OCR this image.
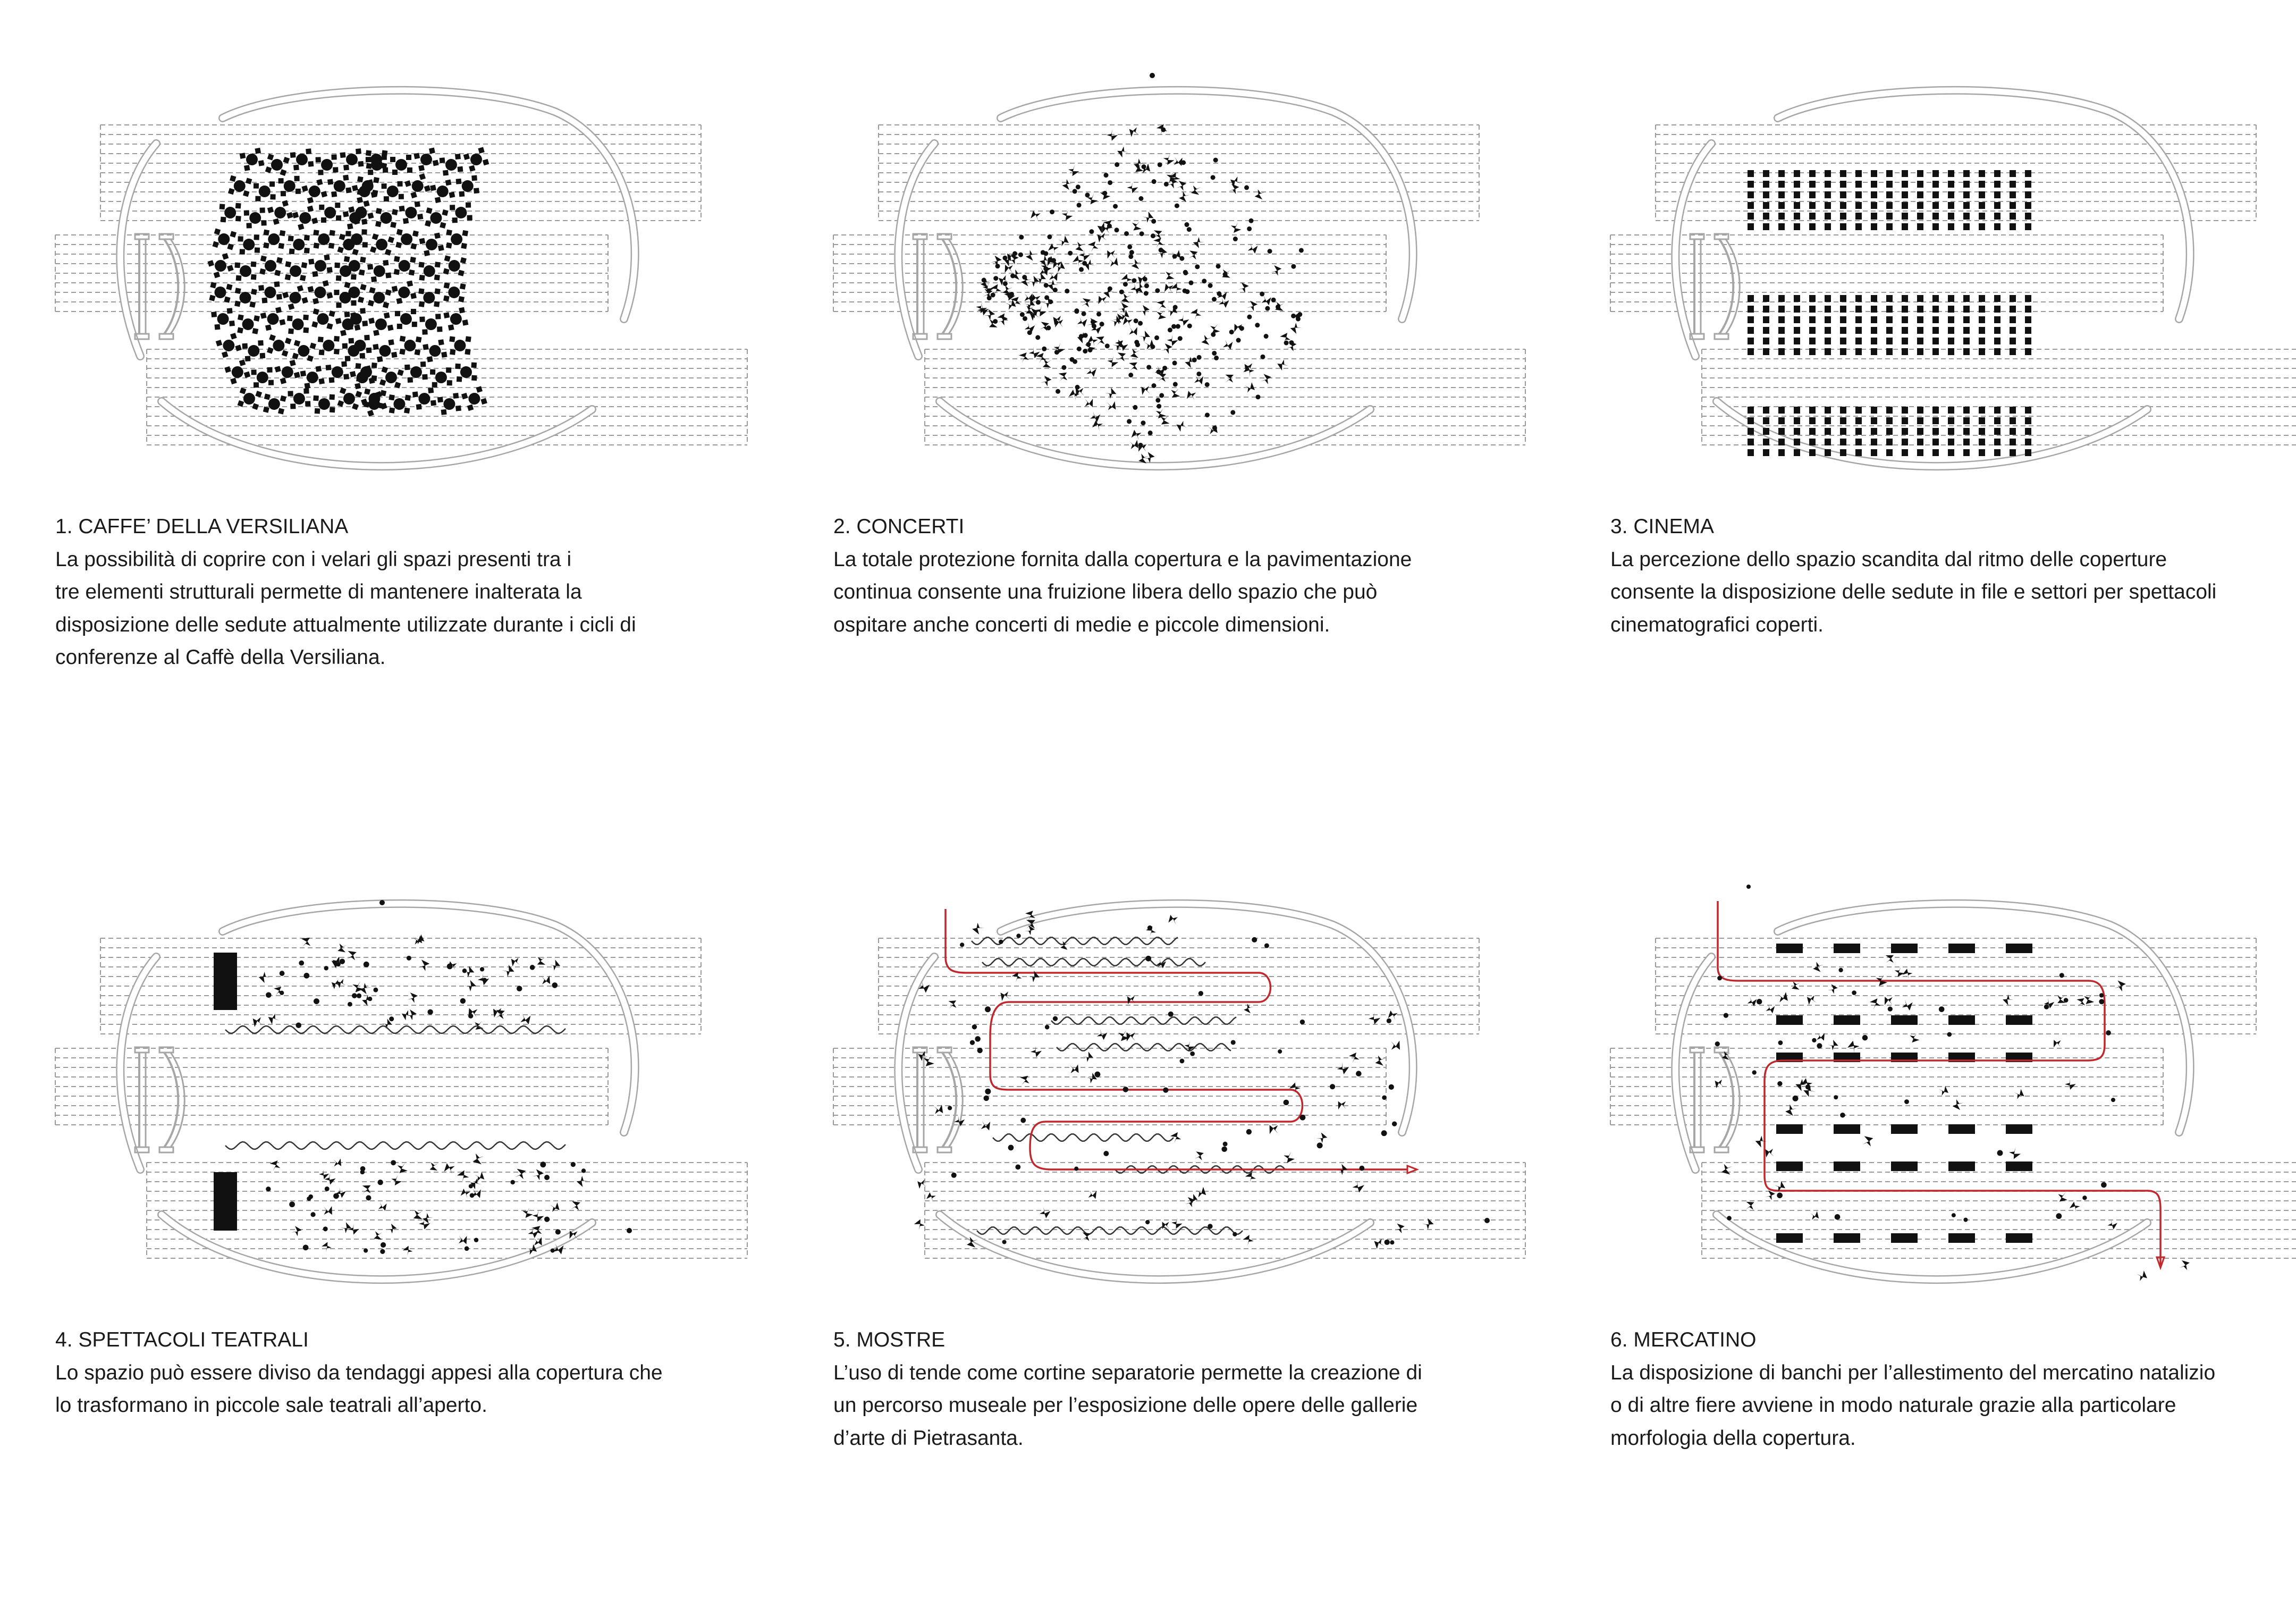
1. CAFFE’ DELLA VERSILIANA
La possibilità di coprire con i velari gli spazi presenti tra i
tre elementi strutturali permette di mantenere inalterata la
disposizione delle sedute attualmente utilizzate durante i cicli di
conferenze al Caffè della Versiliana.
2. CONCERTI
La totale protezione fornita dalla copertura e la pavimentazione
continua consente una fruizione libera dello spazio che può
ospitare anche concerti di medie e piccole dimensioni.
3. CINEMA
La percezione dello spazio scandita dal ritmo delle coperture
consente la disposizione delle sedute in file e settori per spettacoli
cinematografici coperti.
4. SPETTACOLI TEATRALI
Lo spazio può essere diviso da tendaggi appesi alla copertura che
lo trasformano in piccole sale teatrali all’aperto.
5. MOSTRE
L’uso di tende come cortine separatorie permette la creazione di
un percorso museale per l’esposizione delle opere delle gallerie
d’arte di Pietrasanta.
6. MERCATINO
La disposizione di banchi per l’allestimento del mercatino natalizio
o di altre fiere avviene in modo naturale grazie alla particolare
morfologia della copertura.
